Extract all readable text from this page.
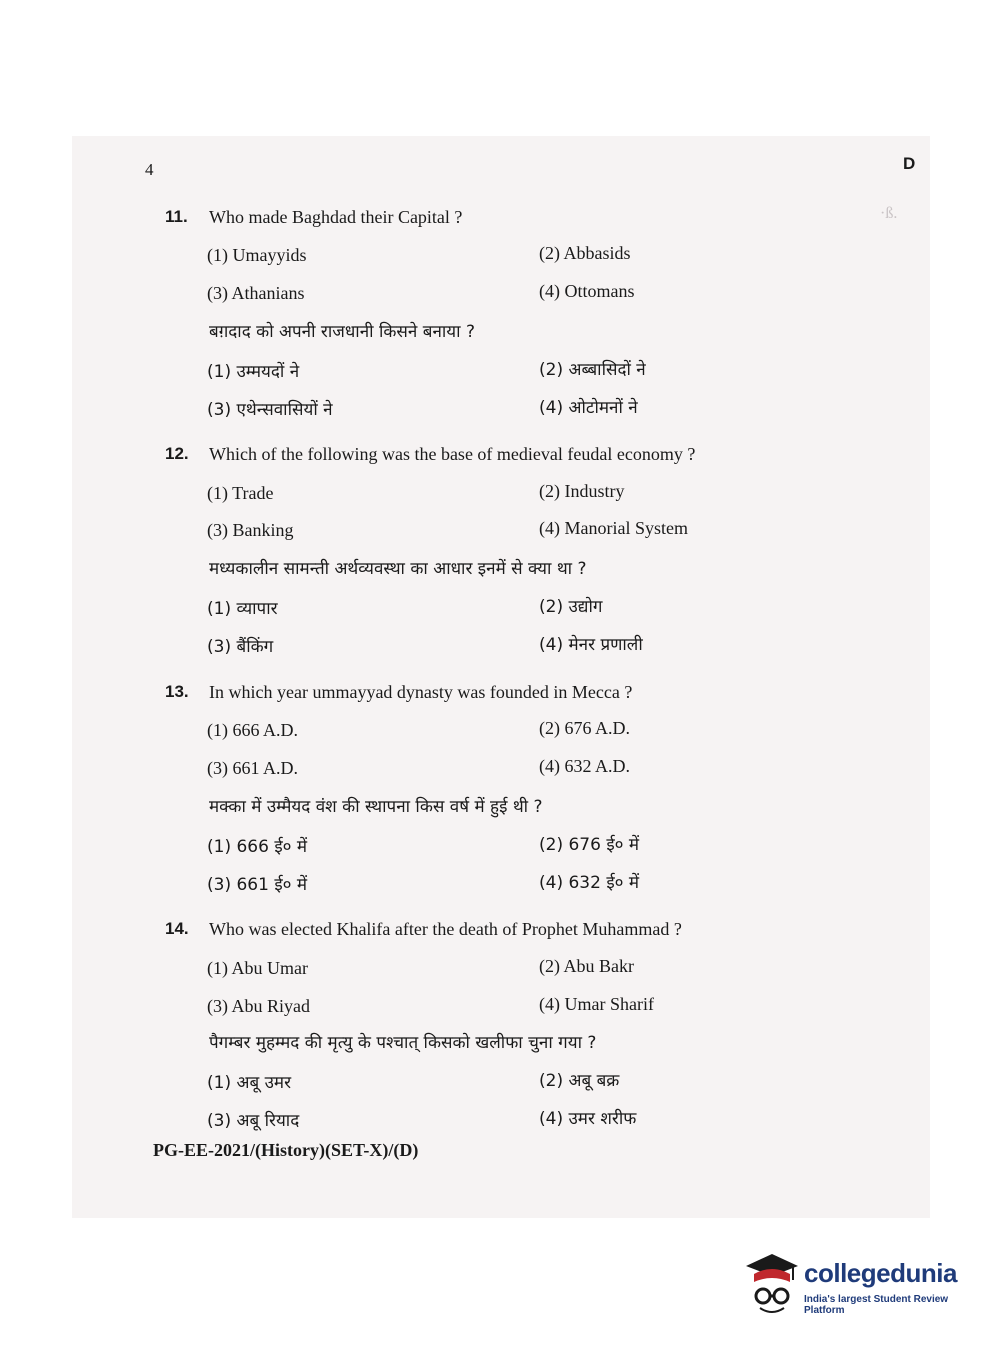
·ß.
4	D
11. Who made Baghdad their Capital ?
(1) Umayyids	(2) Abbasids
(3) Athanians	(4) Ottomans
बग़दाद को अपनी राजधानी किसने बनाया ?
(1) उम्मयदों ने	(2) अब्बासिदों ने
(3) एथेन्सवासियों ने	(4) ओटोमनों ने
12. Which of the following was the base of medieval feudal economy ?
(1) Trade	(2) Industry
(3) Banking	(4) Manorial System
मध्यकालीन सामन्ती अर्थव्यवस्था का आधार इनमें से क्या था ?
(1) व्यापार	(2) उद्योग
(3) बैंकिंग	(4) मेनर प्रणाली
13. In which year ummayyad dynasty was founded in Mecca ?
(1) 666 A.D.	(2) 676 A.D.
(3) 661 A.D.	(4) 632 A.D.
मक्का में उम्मैयद वंश की स्थापना किस वर्ष में हुई थी ?
(1) 666 ई० में	(2) 676 ई० में
(3) 661 ई० में	(4) 632 ई० में
14. Who was elected Khalifa after the death of Prophet Muhammad ?
(1) Abu Umar	(2) Abu Bakr
(3) Abu Riyad	(4) Umar Sharif
पैगम्बर मुहम्मद की मृत्यु के पश्चात् किसको खलीफा चुना गया ?
(1) अबू उमर	(2) अबू बक्र
(3) अबू रियाद	(4) उमर शरीफ
PG-EE-2021/(History)(SET-X)/(D)
collegedunia
India's largest Student Review Platform
